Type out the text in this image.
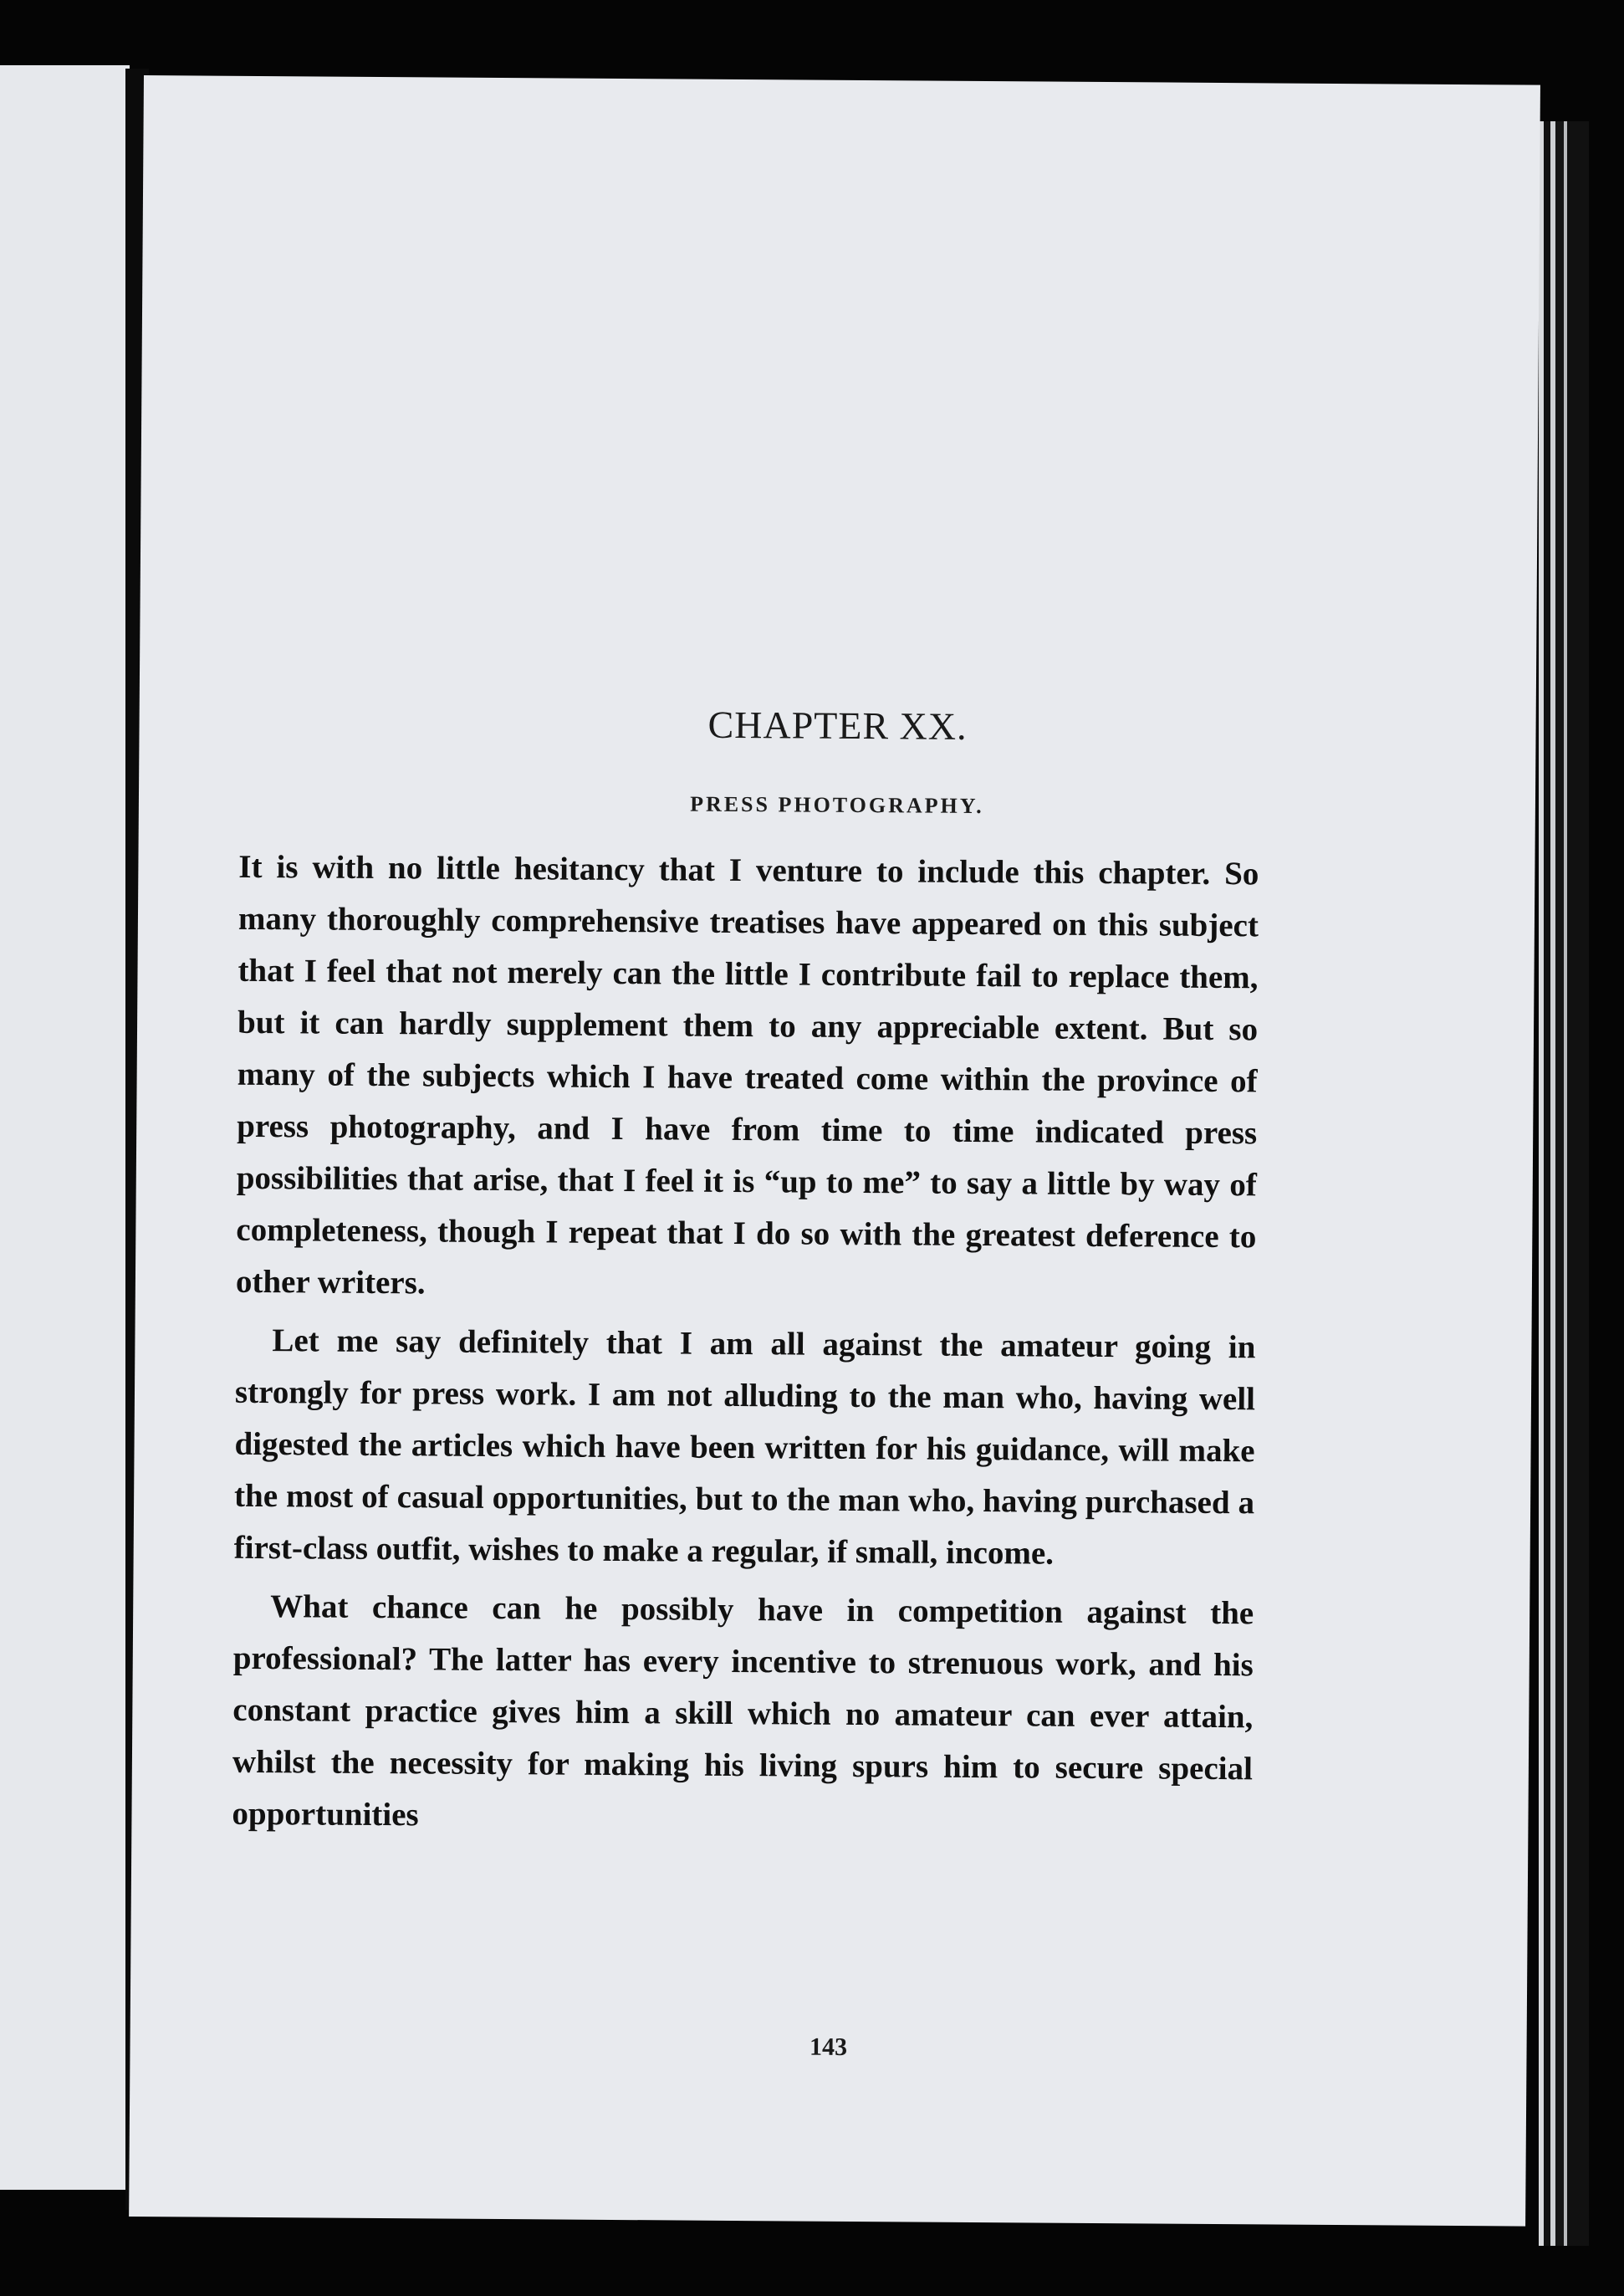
CHAPTER XX.
PRESS PHOTOGRAPHY.

It is with no little hesitancy that I venture to include this chapter. So many thoroughly comprehensive treatises have appeared on this subject that I feel that not merely can the little I contribute fail to replace them, but it can hardly supplement them to any appreciable extent. But so many of the subjects which I have treated come within the province of press photography, and I have from time to time indicated press possibilities that arise, that I feel it is “up to me” to say a little by way of completeness, though I repeat that I do so with the greatest deference to other writers.

Let me say definitely that I am all against the amateur going in strongly for press work. I am not alluding to the man who, having well digested the articles which have been written for his guidance, will make the most of casual opportunities, but to the man who, having purchased a first-class outfit, wishes to make a regular, if small, income.

What chance can he possibly have in competition against the professional? The latter has every incentive to strenuous work, and his constant practice gives him a skill which no amateur can ever attain, whilst the necessity for making his living spurs him to secure special opportunities

143
